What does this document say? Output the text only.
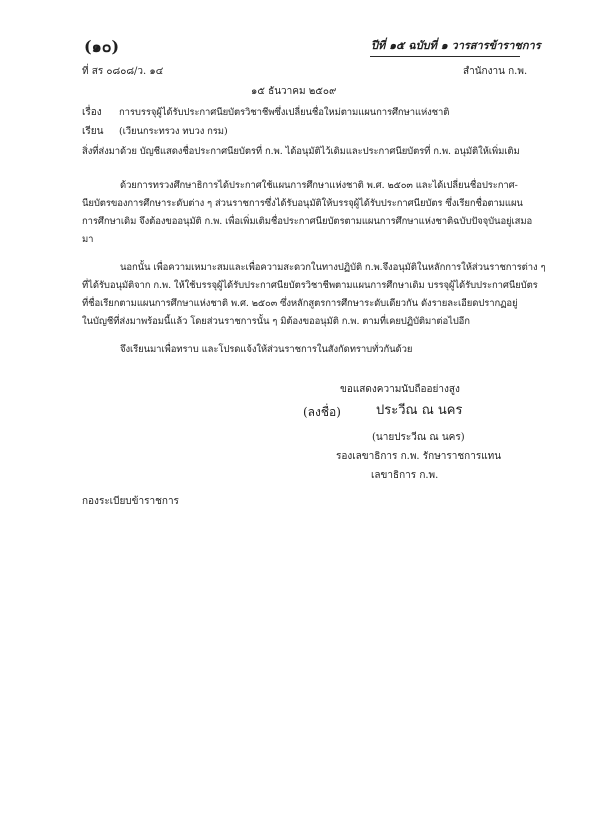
(๑๐)	ปีที่ ๑๕ ฉบับที่ ๑ วารสารข้าราชการ
ที่ สร ๐๘๐๘/ว. ๑๔	สำนักงาน ก.พ.
๑๕ ธันวาคม ๒๕๐๙
เรื่อง การบรรจุผู้ได้รับประกาศนียบัตรวิชาชีพซึ่งเปลี่ยนชื่อใหม่ตามแผนการศึกษาแห่งชาติ
เรียน (เวียนกระทรวง ทบวง กรม)
สิ่งที่ส่งมาด้วย บัญชีแสดงชื่อประกาศนียบัตรที่ ก.พ. ได้อนุมัติไว้เดิมและประกาศนียบัตรที่ ก.พ. อนุมัติให้เพิ่มเติม
ด้วยการทรวงศึกษาธิการได้ประกาศใช้แผนการศึกษาแห่งชาติ พ.ศ. ๒๕๐๓ และได้เปลี่ยนชื่อประกาศ-
นียบัตรของการศึกษาระดับต่าง ๆ ส่วนราชการซึ่งได้รับอนุมัติให้บรรจุผู้ได้รับประกาศนียบัตร ซึ่งเรียกชื่อตามแผน
การศึกษาเดิม จึงต้องขออนุมัติ ก.พ. เพื่อเพิ่มเติมชื่อประกาศนียบัตรตามแผนการศึกษาแห่งชาติฉบับปัจจุบันอยู่เสมอ
มา
นอกนั้น เพื่อความเหมาะสมและเพื่อความสะดวกในทางปฏิบัติ ก.พ.จึงอนุมัติในหลักการให้ส่วนราชการต่าง ๆ
ที่ได้รับอนุมัติจาก ก.พ. ให้ใช้บรรจุผู้ได้รับประกาศนียบัตรวิชาชีพตามแผนการศึกษาเดิม บรรจุผู้ได้รับประกาศนียบัตร
ที่ชื่อเรียกตามแผนการศึกษาแห่งชาติ พ.ศ. ๒๕๐๓ ซึ่งหลักสูตรการศึกษาระดับเดียวกัน ดังรายละเอียดปรากฏอยู่
ในบัญชีที่ส่งมาพร้อมนี้แล้ว โดยส่วนราชการนั้น ๆ มิต้องขออนุมัติ ก.พ. ตามที่เคยปฏิบัติมาต่อไปอีก
จึงเรียนมาเพื่อทราบ และโปรดแจ้งให้ส่วนราชการในสังกัดทราบทั่วกันด้วย
ขอแสดงความนับถืออย่างสูง
(ลงชื่อ)	ประวีณ ณ นคร
(นายประวีณ ณ นคร)
รองเลขาธิการ ก.พ. รักษาราชการแทน
เลขาธิการ ก.พ.
กองระเบียบข้าราชการ
